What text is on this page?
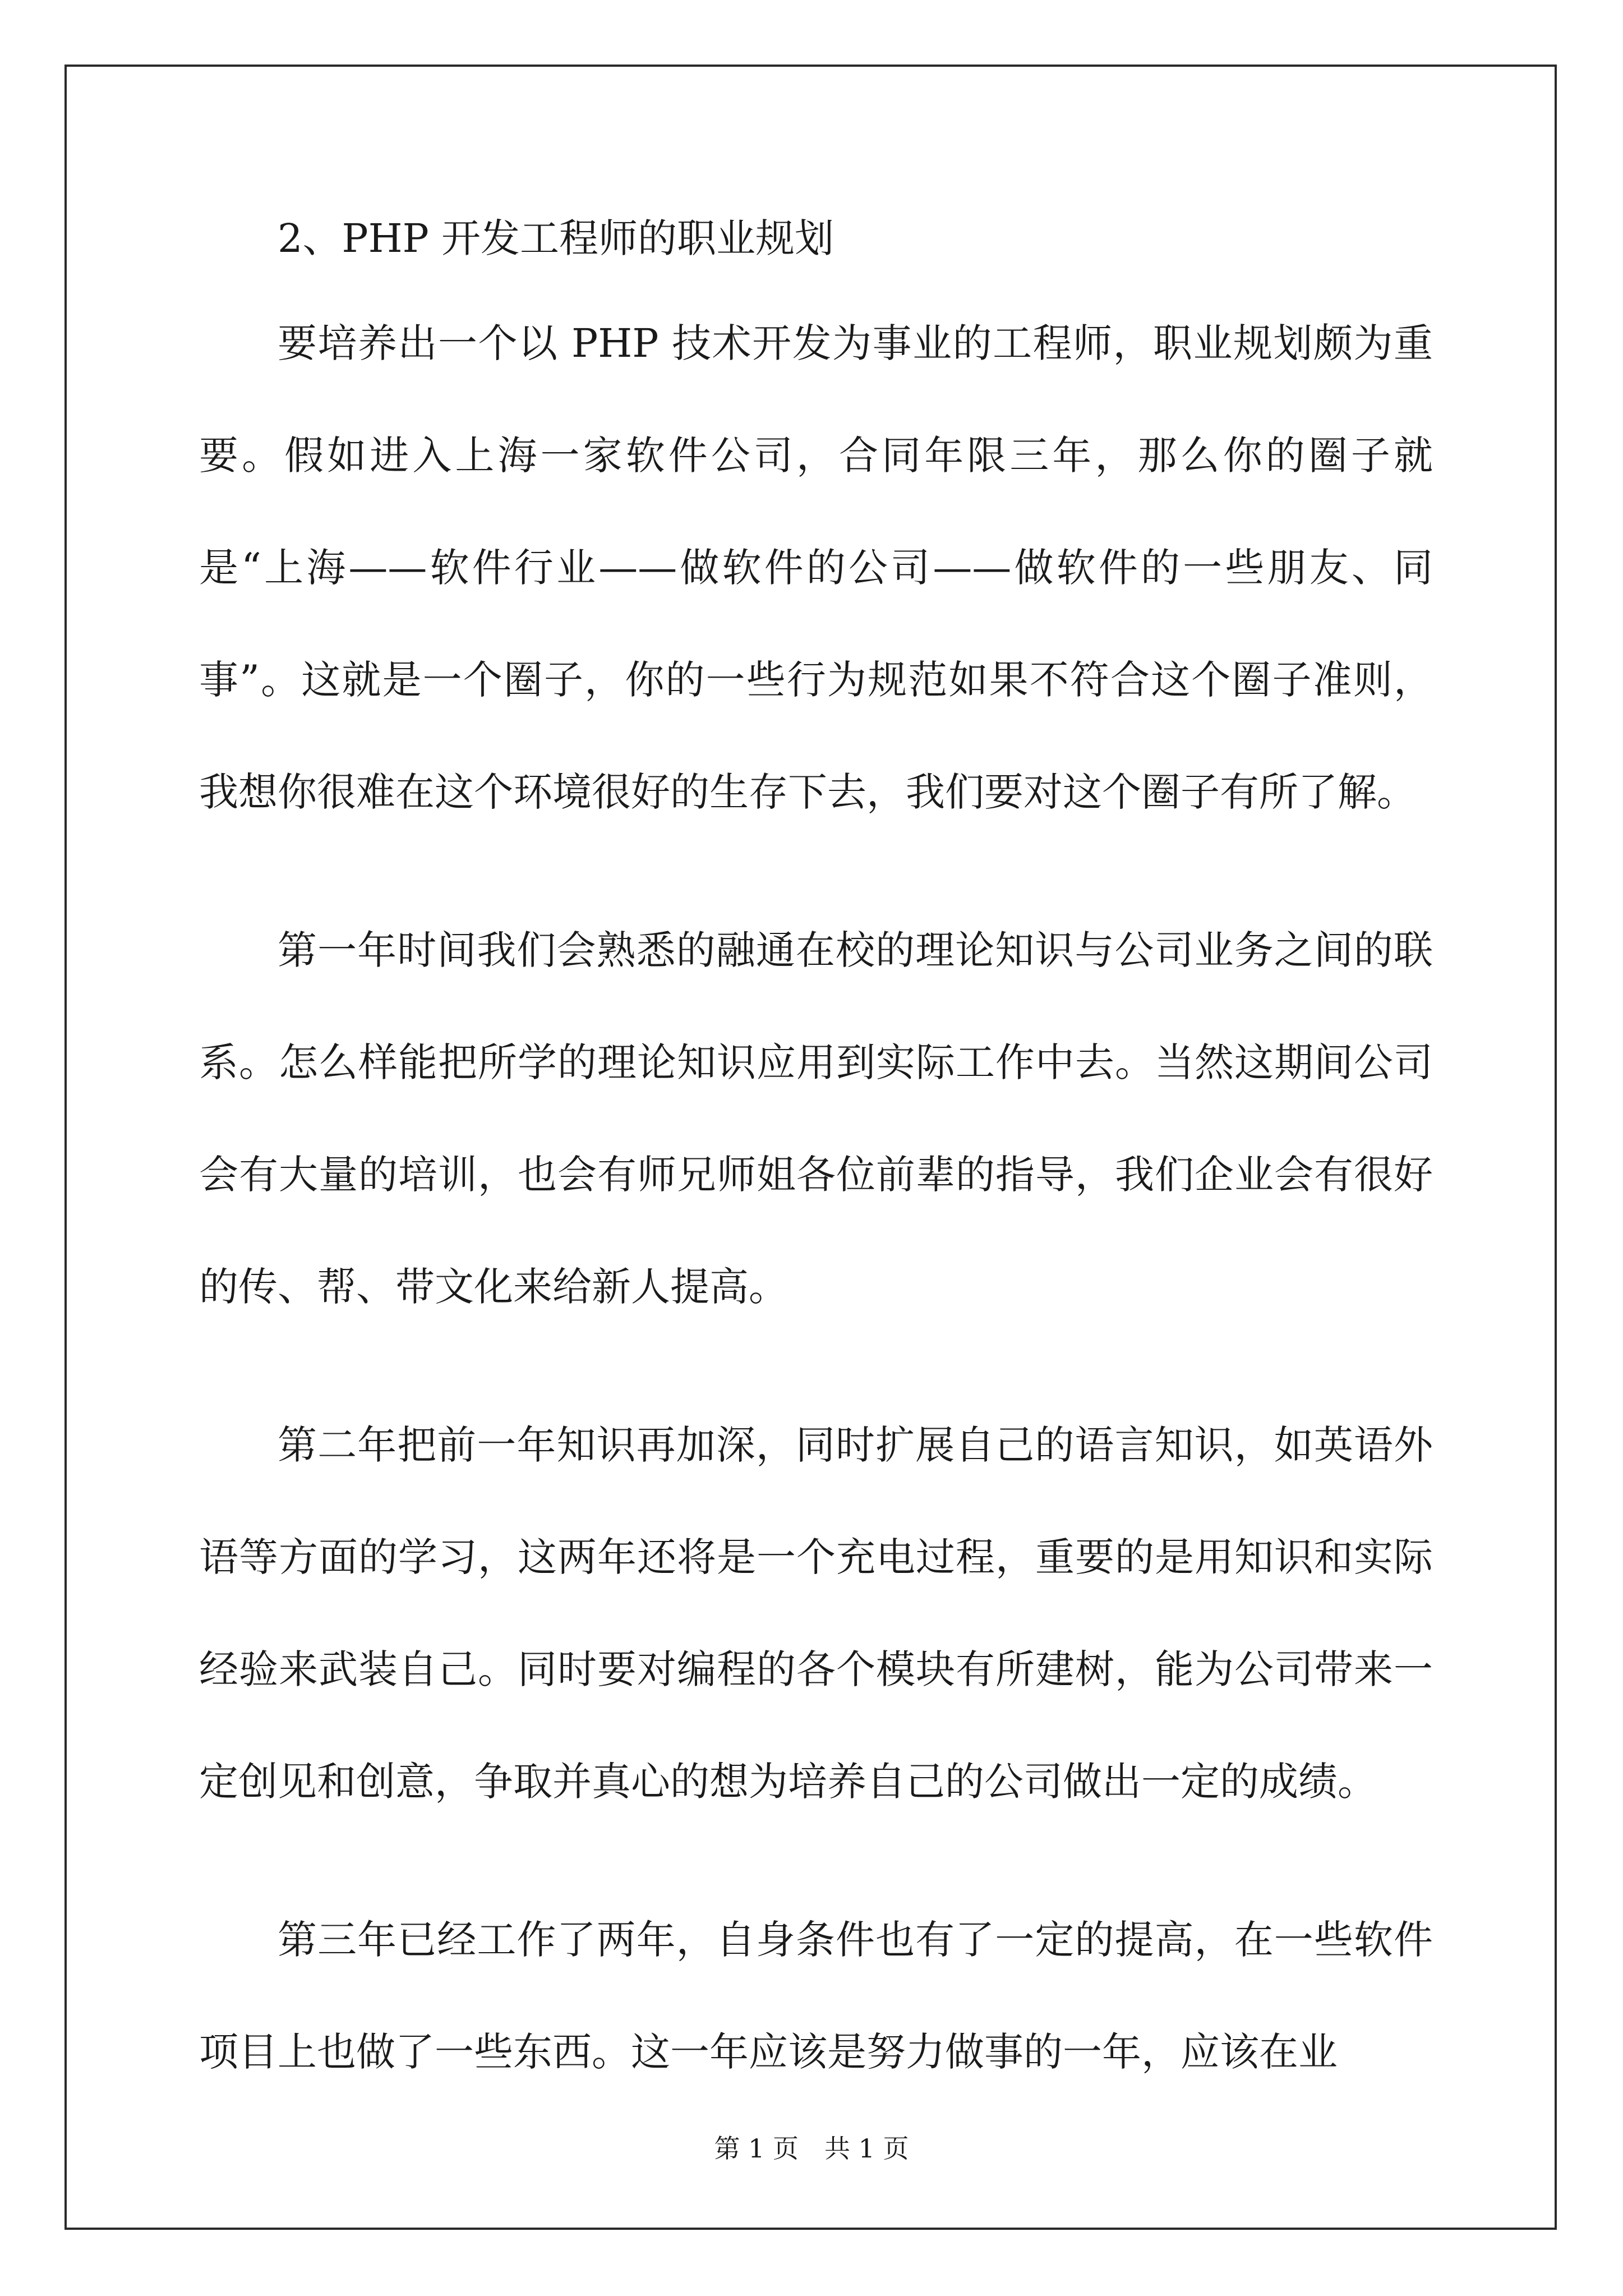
2、PHP 开发工程师的职业规划

要培养出一个以 PHP 技术开发为事业的工程师，职业规划颇为重要。假如进入上海一家软件公司，合同年限三年，那么你的圈子就是“上海——软件行业——做软件的公司——做软件的一些朋友、同事”。这就是一个圈子，你的一些行为规范如果不符合这个圈子准则，我想你很难在这个环境很好的生存下去，我们要对这个圈子有所了解。

第一年时间我们会熟悉的融通在校的理论知识与公司业务之间的联系。怎么样能把所学的理论知识应用到实际工作中去。当然这期间公司会有大量的培训，也会有师兄师姐各位前辈的指导，我们企业会有很好的传、帮、带文化来给新人提高。

第二年把前一年知识再加深，同时扩展自己的语言知识，如英语外语等方面的学习，这两年还将是一个充电过程，重要的是用知识和实际经验来武装自己。同时要对编程的各个模块有所建树，能为公司带来一定创见和创意，争取并真心的想为培养自己的公司做出一定的成绩。

第三年已经工作了两年，自身条件也有了一定的提高，在一些软件项目上也做了一些东西。这一年应该是努力做事的一年，应该在业

第 1 页　共 1 页
